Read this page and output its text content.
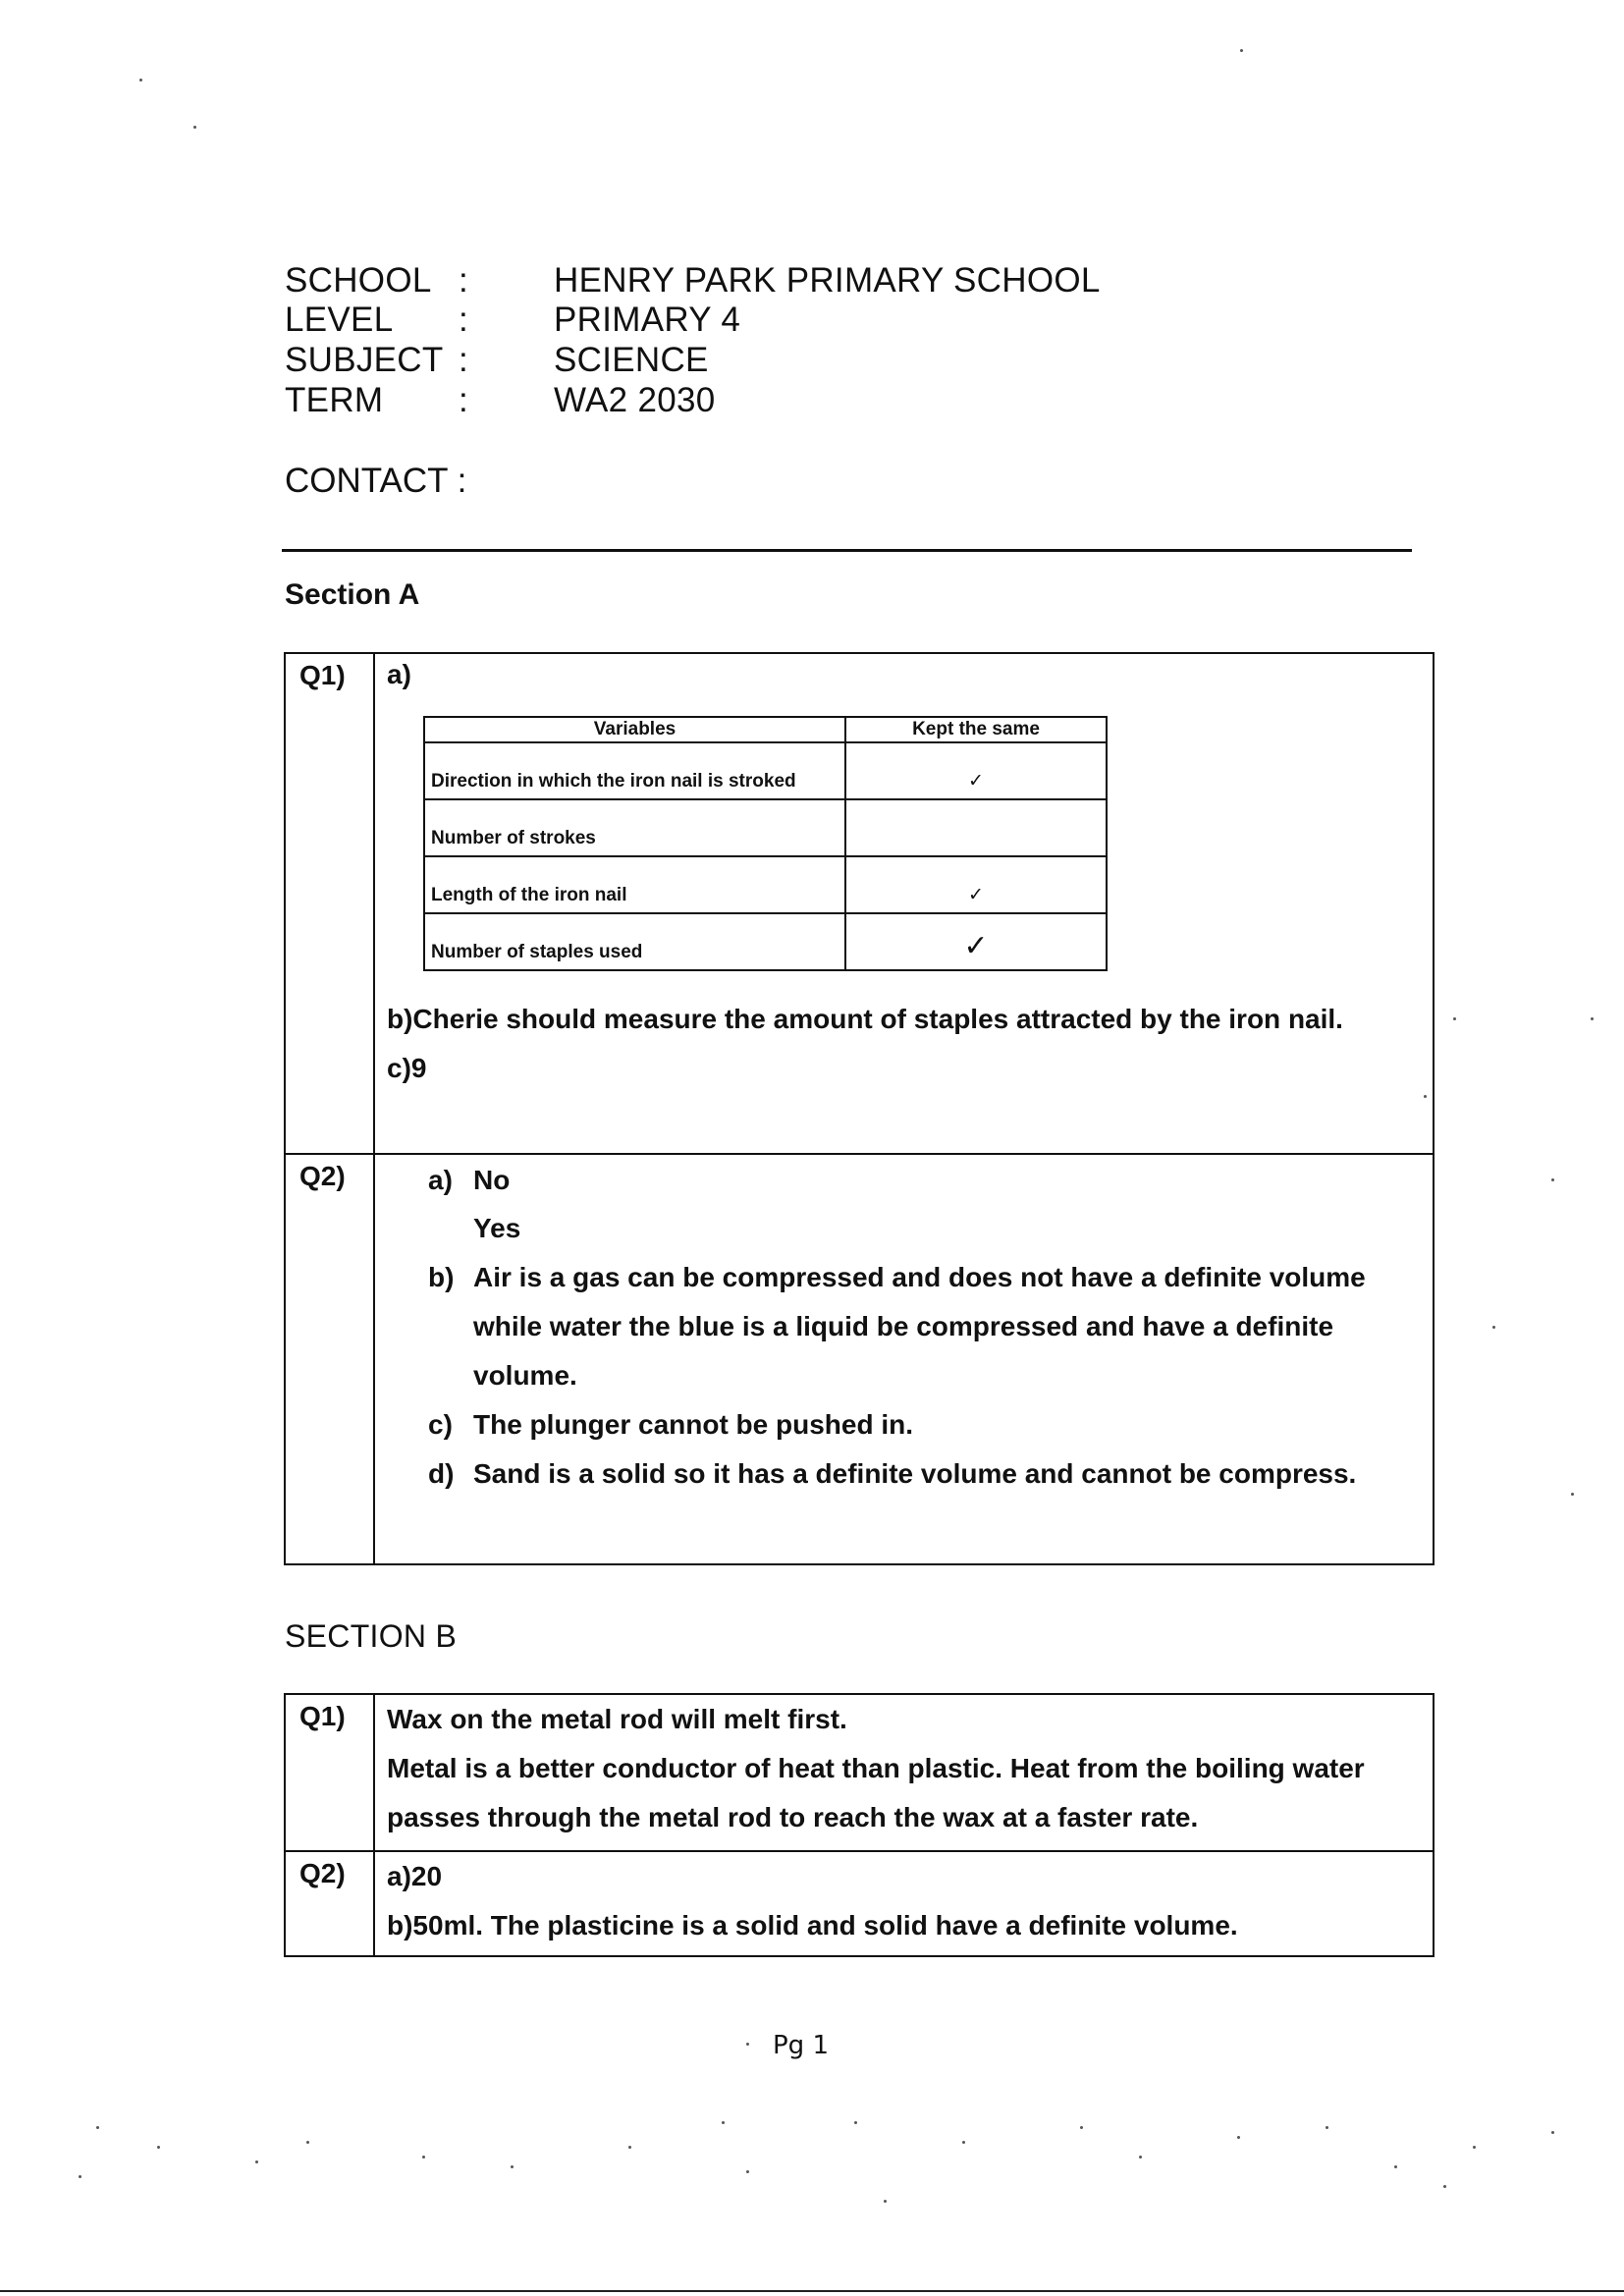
SCHOOL : HENRY PARK PRIMARY SCHOOL
LEVEL	: PRIMARY 4
SUBJECT : SCIENCE
TERM	: WA2 2030
CONTACT :
Section A
Q1)	a)
Variables	Kept the same
Direction in which the iron nail is stroked	✓
Number of strokes	
Length of the iron nail	✓
Number of staples used	✓
b)Cherie should measure the amount of staples attracted by the iron nail.
c)9

Q2)	a) No
Yes
b) Air is a gas can be compressed and does not have a definite volume while water the blue is a liquid be compressed and have a definite volume.
c) The plunger cannot be pushed in.
d) Sand is a solid so it has a definite volume and cannot be compress.
SECTION B
Q1)	Wax on the metal rod will melt first.
Metal is a better conductor of heat than plastic. Heat from the boiling water passes through the metal rod to reach the wax at a faster rate.

Q2)	a)20
b)50ml. The plasticine is a solid and solid have a definite volume.
Pg 1
